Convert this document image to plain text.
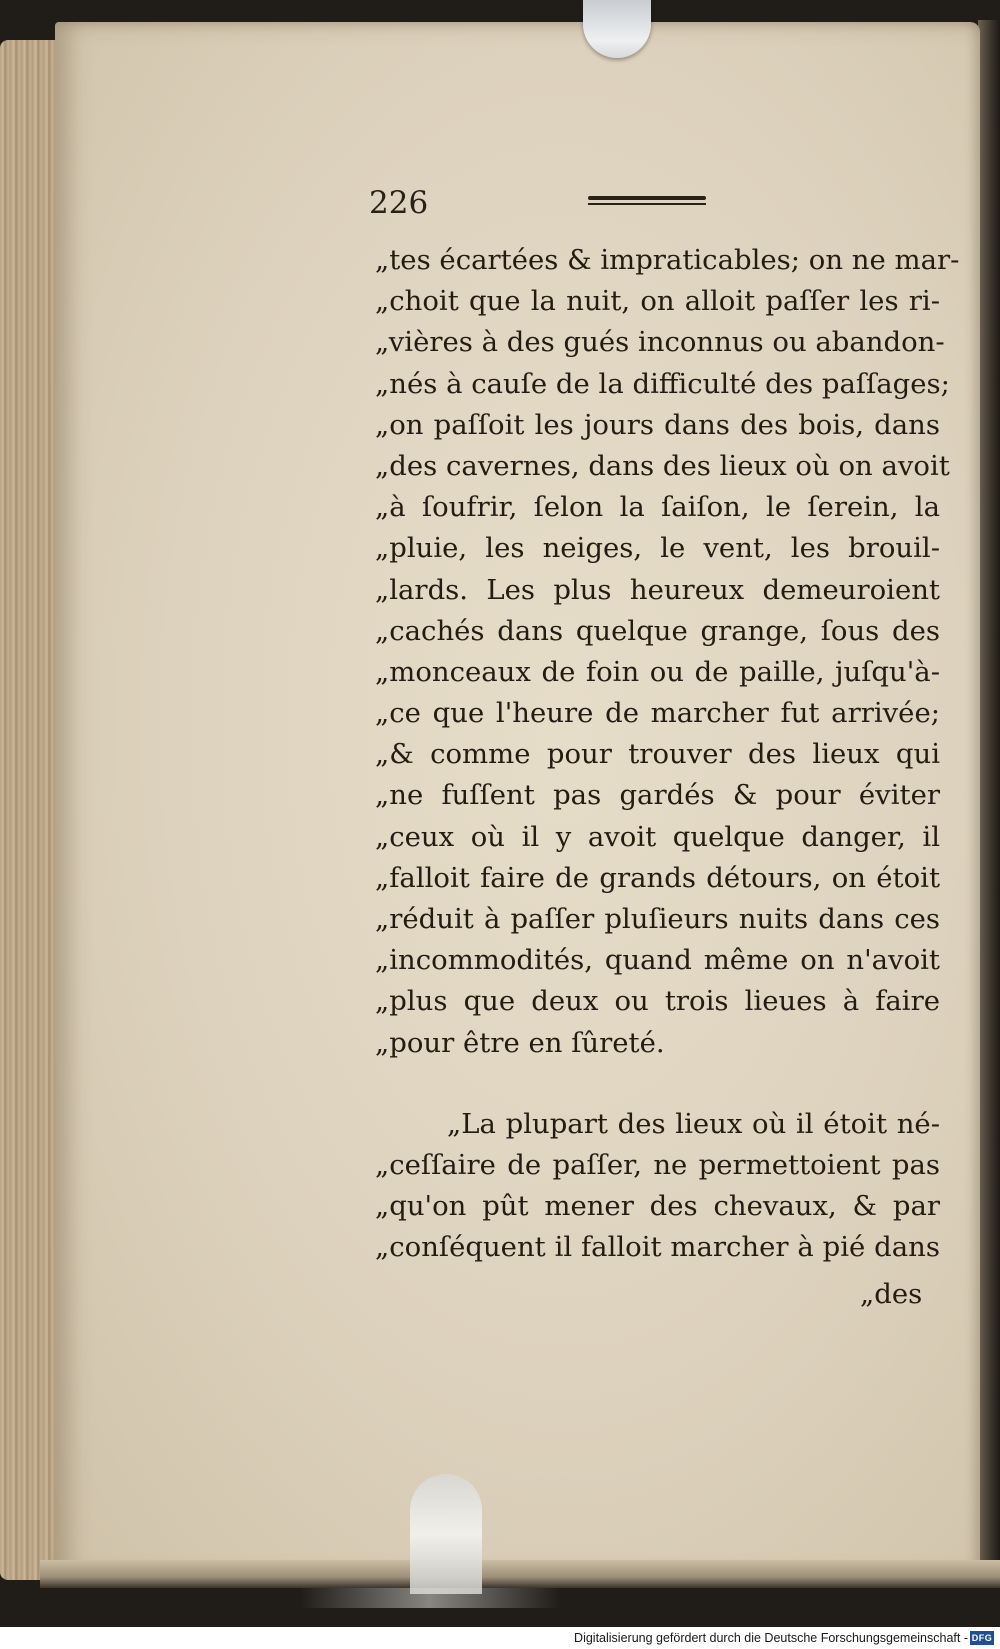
226
„tes écartées & impraticables; on ne mar-
„choit que la nuit, on alloit paſſer les ri-
„vières à des gués inconnus ou abandon-
„nés à cauſe de la difficulté des paſſages;
„on paſſoit les jours dans des bois, dans
„des cavernes, dans des lieux où on avoit
„à ſoufrir, ſelon la ſaiſon, le ſerein, la
„pluie, les neiges, le vent, les brouil-
„lards. Les plus heureux demeuroient
„cachés dans quelque grange, ſous des
„monceaux de foin ou de paille, juſqu'à-
„ce que l'heure de marcher fut arrivée;
„& comme pour trouver des lieux qui
„ne fuſſent pas gardés & pour éviter
„ceux où il y avoit quelque danger, il
„falloit faire de grands détours, on étoit
„réduit à paſſer pluſieurs nuits dans ces
„incommodités, quand même on n'avoit
„plus que deux ou trois lieues à faire
„pour être en ſûreté.
„La plupart des lieux où il étoit né-
„ceſſaire de paſſer, ne permettoient pas
„qu'on pût mener des chevaux, & par
„conſéquent il falloit marcher à pié dans
„des
Digitalisierung gefördert durch die Deutsche Forschungsgemeinschaft - DFG
